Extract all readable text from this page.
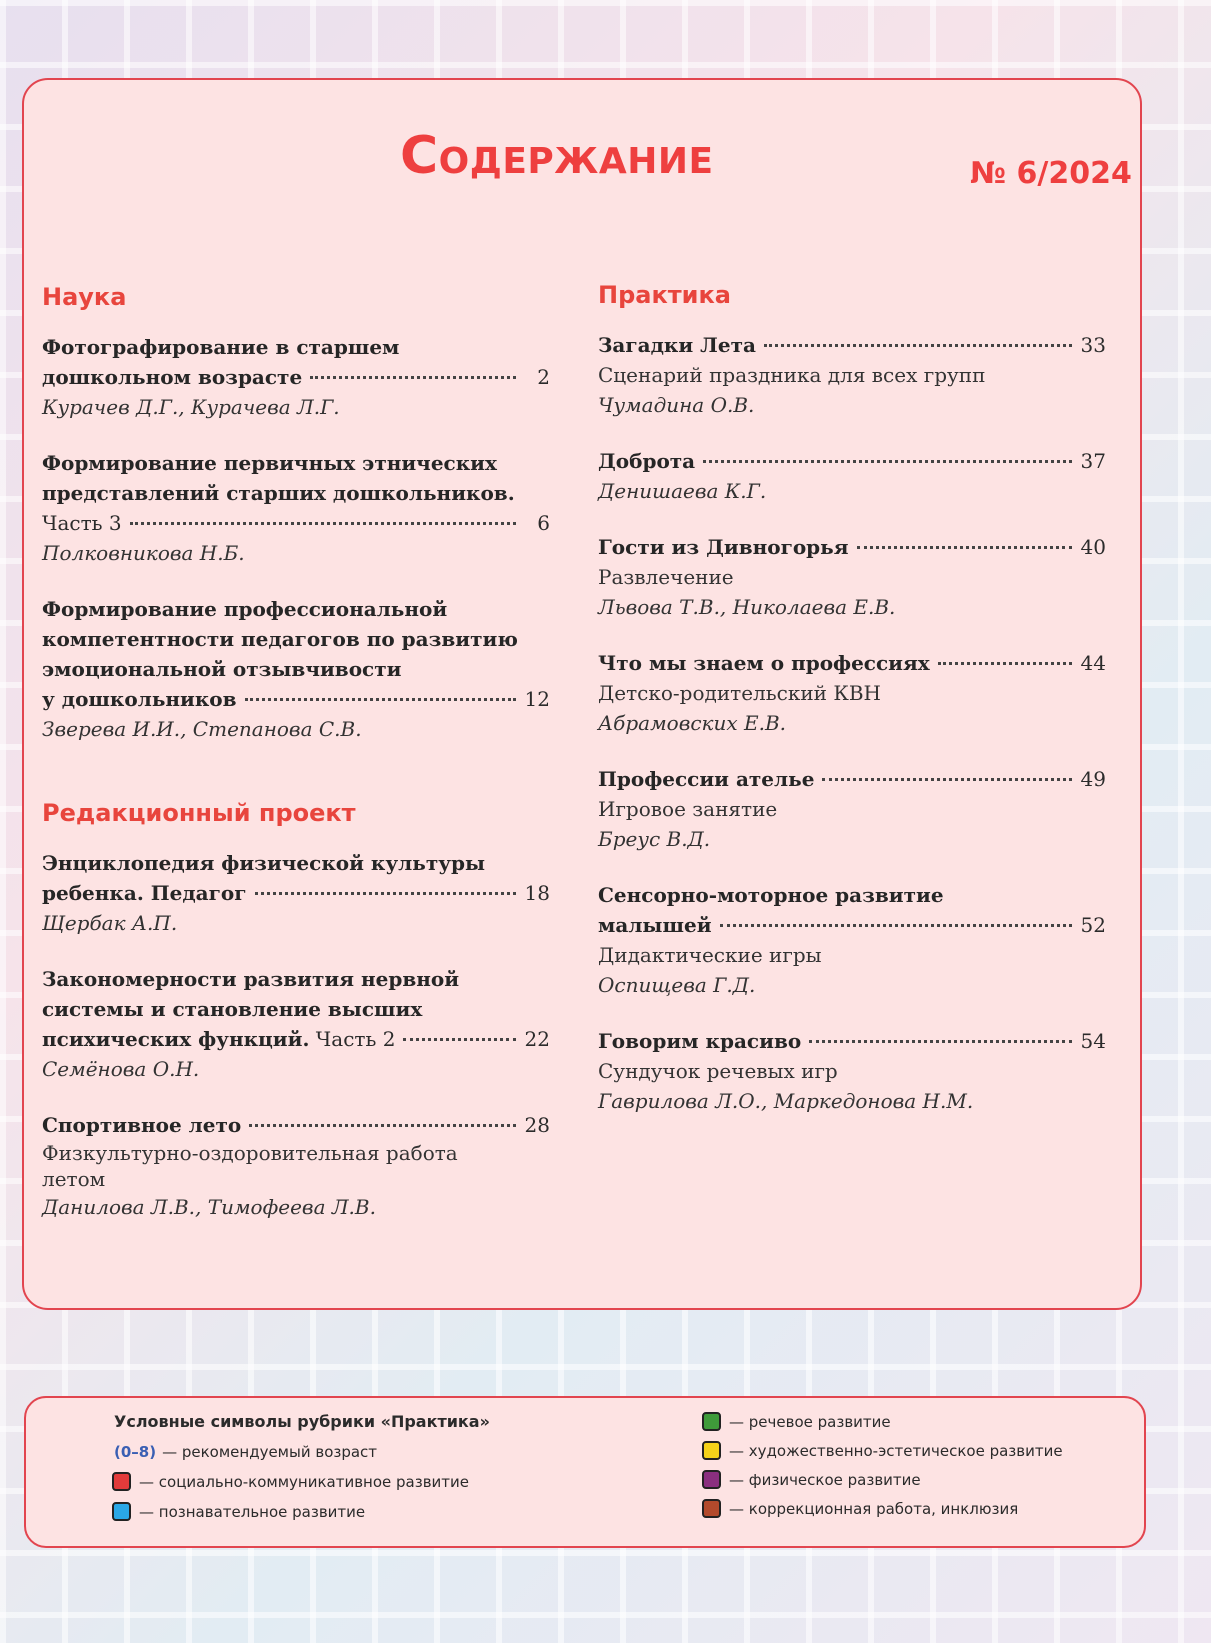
Содержание	№ 6/2024
Наука
Фотографирование в старшем
дошкольном возрасте	2
Курачев Д.Г., Курачева Л.Г.
Формирование первичных этнических
представлений старших дошкольников.
Часть 3	6
Полковникова Н.Б.
Формирование профессиональной
компетентности педагогов по развитию
эмоциональной отзывчивости
у дошкольников	12
Зверева И.И., Степанова С.В.
Редакционный проект
Энциклопедия физической культуры
ребенка. Педагог	18
Щербак А.П.
Закономерности развития нервной
системы и становление высших
психических функций. Часть 2	22
Семёнова О.Н.
Спортивное лето	28
Физкультурно-оздоровительная работа
летом
Данилова Л.В., Тимофеева Л.В.
Практика
Загадки Лета	33
Сценарий праздника для всех групп
Чумадина О.В.
Доброта	37
Денишаева К.Г.
Гости из Дивногорья	40
Развлечение
Львова Т.В., Николаева Е.В.
Что мы знаем о профессиях	44
Детско-родительский КВН
Абрамовских Е.В.
Профессии ателье	49
Игровое занятие
Бреус В.Д.
Сенсорно-моторное развитие
малышей	52
Дидактические игры
Оспищева Г.Д.
Говорим красиво	54
Сундучок речевых игр
Гаврилова Л.О., Маркедонова Н.М.
Условные символы рубрики «Практика»
(0–8) — рекомендуемый возраст
— социально-коммуникативное развитие
— познавательное развитие
— речевое развитие
— художественно-эстетическое развитие
— физическое развитие
— коррекционная работа, инклюзия
